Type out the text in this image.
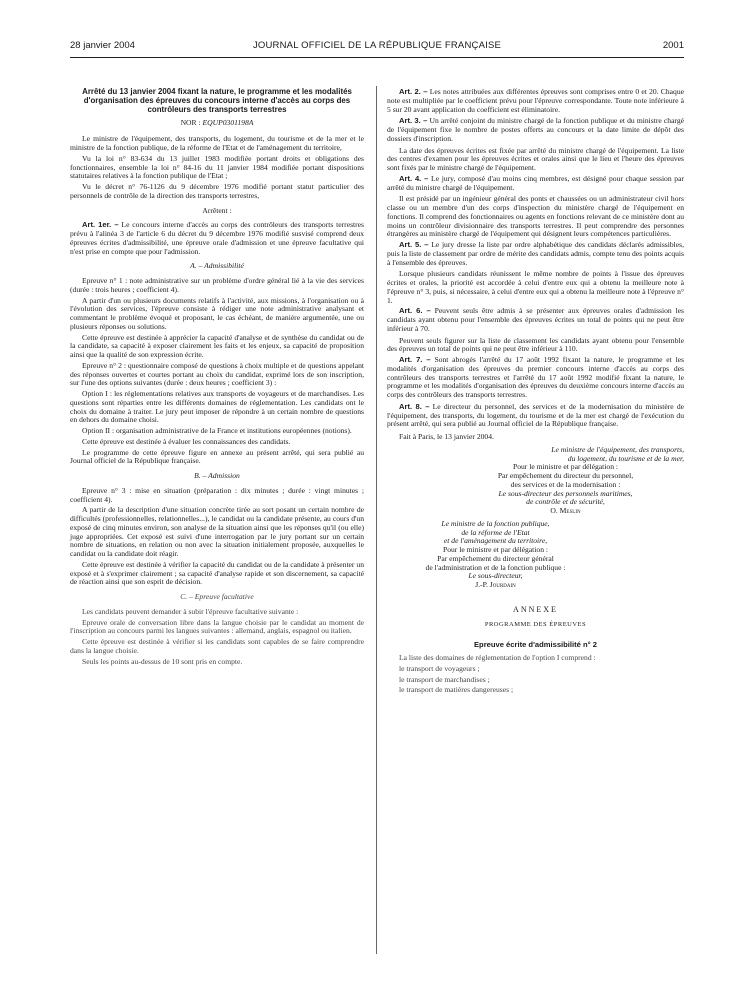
28 janvier 2004	JOURNAL OFFICIEL DE LA RÉPUBLIQUE FRANÇAISE	2001
Arrêté du 13 janvier 2004 fixant la nature, le programme et les modalités d'organisation des épreuves du concours interne d'accès au corps des contrôleurs des transports terrestres

NOR : EQUP0301198A

Le ministre de l'équipement, des transports, du logement, du tourisme et de la mer et le ministre de la fonction publique, de la réforme de l'Etat et de l'aménagement du territoire,

Vu la loi n° 83-634 du 13 juillet 1983 modifiée portant droits et obligations des fonctionnaires, ensemble la loi n° 84-16 du 11 janvier 1984 modifiée portant dispositions statutaires relatives à la fonction publique de l'Etat ;

Vu le décret n° 76-1126 du 9 décembre 1976 modifié portant statut particulier des personnels de contrôle de la direction des transports terrestres,

Arrêtent :

Art. 1er. – Le concours interne d'accès au corps des contrôleurs des transports terrestres prévu à l'alinéa 3 de l'article 6 du décret du 9 décembre 1976 modifié susvisé comprend deux épreuves écrites d'admissibilité, une épreuve orale d'admission et une épreuve facultative qui n'est prise en compte que pour l'admission.

A. – Admissibilité

Epreuve n° 1 : note administrative sur un problème d'ordre général lié à la vie des services (durée : trois heures ; coefficient 4).

A partir d'un ou plusieurs documents relatifs à l'activité, aux missions, à l'organisation ou à l'évolution des services, l'épreuve consiste à rédiger une note administrative analysant et commentant le problème évoqué et proposant, le cas échéant, de manière argumentée, une ou plusieurs réponses ou solutions.

Cette épreuve est destinée à apprécier la capacité d'analyse et de synthèse du candidat ou de la candidate, sa capacité à exposer clairement les faits et les enjeux, sa capacité de proposition ainsi que la qualité de son expression écrite.

Epreuve n° 2 : questionnaire composé de questions à choix multiple et de questions appelant des réponses ouvertes et courtes portant au choix du candidat, exprimé lors de son inscription, sur l'une des options suivantes (durée : deux heures ; coefficient 3) :

Option I : les réglementations relatives aux transports de voyageurs et de marchandises. Les questions sont réparties entre les différents domaines de réglementation. Les candidats ont le choix du domaine à traiter. Le jury peut imposer de répondre à un certain nombre de questions en dehors du domaine choisi.

Option II : organisation administrative de la France et institutions européennes (notions).

Cette épreuve est destinée à évaluer les connaissances des candidats.

Le programme de cette épreuve figure en annexe au présent arrêté, qui sera publié au Journal officiel de la République française.

B. – Admission

Epreuve n° 3 : mise en situation (préparation : dix minutes ; durée : vingt minutes ; coefficient 4).

A partir de la description d'une situation concrète tirée au sort posant un certain nombre de difficultés (professionnelles, relationnelles...), le candidat ou la candidate présente, au cours d'un exposé de cinq minutes environ, son analyse de la situation ainsi que les réponses qu'il (ou elle) juge appropriées. Cet exposé est suivi d'une interrogation par le jury portant sur un certain nombre de situations, en relation ou non avec la situation initialement proposée, auxquelles le candidat ou la candidate doit réagir.

Cette épreuve est destinée à vérifier la capacité du candidat ou de la candidate à présenter un exposé et à s'exprimer clairement ; sa capacité d'analyse rapide et son discernement, sa capacité de réaction ainsi que son esprit de décision.

C. – Epreuve facultative

Les candidats peuvent demander à subir l'épreuve facultative suivante :

Epreuve orale de conversation libre dans la langue choisie par le candidat au moment de l'inscription au concours parmi les langues suivantes : allemand, anglais, espagnol ou italien.

Cette épreuve est destinée à vérifier si les candidats sont capables de se faire comprendre dans la langue choisie.

Seuls les points au-dessus de 10 sont pris en compte.

Art. 2. – Les notes attribuées aux différentes épreuves sont comprises entre 0 et 20. Chaque note est multipliée par le coefficient prévu pour l'épreuve correspondante. Toute note inférieure à 5 sur 20 avant application du coefficient est éliminatoire.

Art. 3. – Un arrêté conjoint du ministre chargé de la fonction publique et du ministre chargé de l'équipement fixe le nombre de postes offerts au concours et la date limite de dépôt des dossiers d'inscription.

La date des épreuves écrites est fixée par arrêté du ministre chargé de l'équipement. La liste des centres d'examen pour les épreuves écrites et orales ainsi que le lieu et l'heure des épreuves sont fixés par le ministre chargé de l'équipement.

Art. 4. – Le jury, composé d'au moins cinq membres, est désigné pour chaque session par arrêté du ministre chargé de l'équipement.

Il est présidé par un ingénieur général des ponts et chaussées ou un administrateur civil hors classe ou un membre d'un des corps d'inspection du ministère chargé de l'équipement en fonctions. Il comprend des fonctionnaires ou agents en fonctions relevant de ce ministère dont au moins un contrôleur divisionnaire des transports terrestres. Il peut comprendre des personnes étrangères au ministère chargé de l'équipement qui désignent leurs compétences particulières.

Art. 5. – Le jury dresse la liste par ordre alphabétique des candidats déclarés admissibles, puis la liste de classement par ordre de mérite des candidats admis, compte tenu des points acquis à l'ensemble des épreuves.

Lorsque plusieurs candidats réunissent le même nombre de points à l'issue des épreuves écrites et orales, la priorité est accordée à celui d'entre eux qui a obtenu la meilleure note à l'épreuve n° 3, puis, si nécessaire, à celui d'entre eux qui a obtenu la meilleure note à l'épreuve n° 1.

Art. 6. – Peuvent seuls être admis à se présenter aux épreuves orales d'admission les candidats ayant obtenu pour l'ensemble des épreuves écrites un total de points qui ne peut être inférieur à 70.

Peuvent seuls figurer sur la liste de classement les candidats ayant obtenu pour l'ensemble des épreuves un total de points qui ne peut être inférieur à 110.

Art. 7. – Sont abrogés l'arrêté du 17 août 1992 fixant la nature, le programme et les modalités d'organisation des épreuves du premier concours interne d'accès au corps des contrôleurs des transports terrestres et l'arrêté du 17 août 1992 modifié fixant la nature, le programme et les modalités d'organisation des épreuves du deuxième concours interne d'accès au corps des contrôleurs des transports terrestres.

Art. 8. – Le directeur du personnel, des services et de la modernisation du ministère de l'équipement, des transports, du logement, du tourisme et de la mer est chargé de l'exécution du présent arrêté, qui sera publié au Journal officiel de la République française.

Fait à Paris, le 13 janvier 2004.

Le ministre de l'équipement, des transports,

du logement, du tourisme et de la mer,

Pour le ministre et par délégation :

Par empêchement du directeur du personnel,

des services et de la modernisation :

Le sous-directeur des personnels maritimes,

de contrôle et de sécurité,

O. Meslin

Le ministre de la fonction publique,

de la réforme de l'Etat

et de l'aménagement du territoire,

Pour le ministre et par délégation :

Par empêchement du directeur général

de l'administration et de la fonction publique :

Le sous-directeur,

J.-P. Jourdain

ANNEXE

PROGRAMME DES ÉPREUVES

Epreuve écrite d'admissibilité n° 2

La liste des domaines de réglementation de l'option I comprend :

le transport de voyageurs ;

le transport de marchandises ;

le transport de matières dangereuses ;
